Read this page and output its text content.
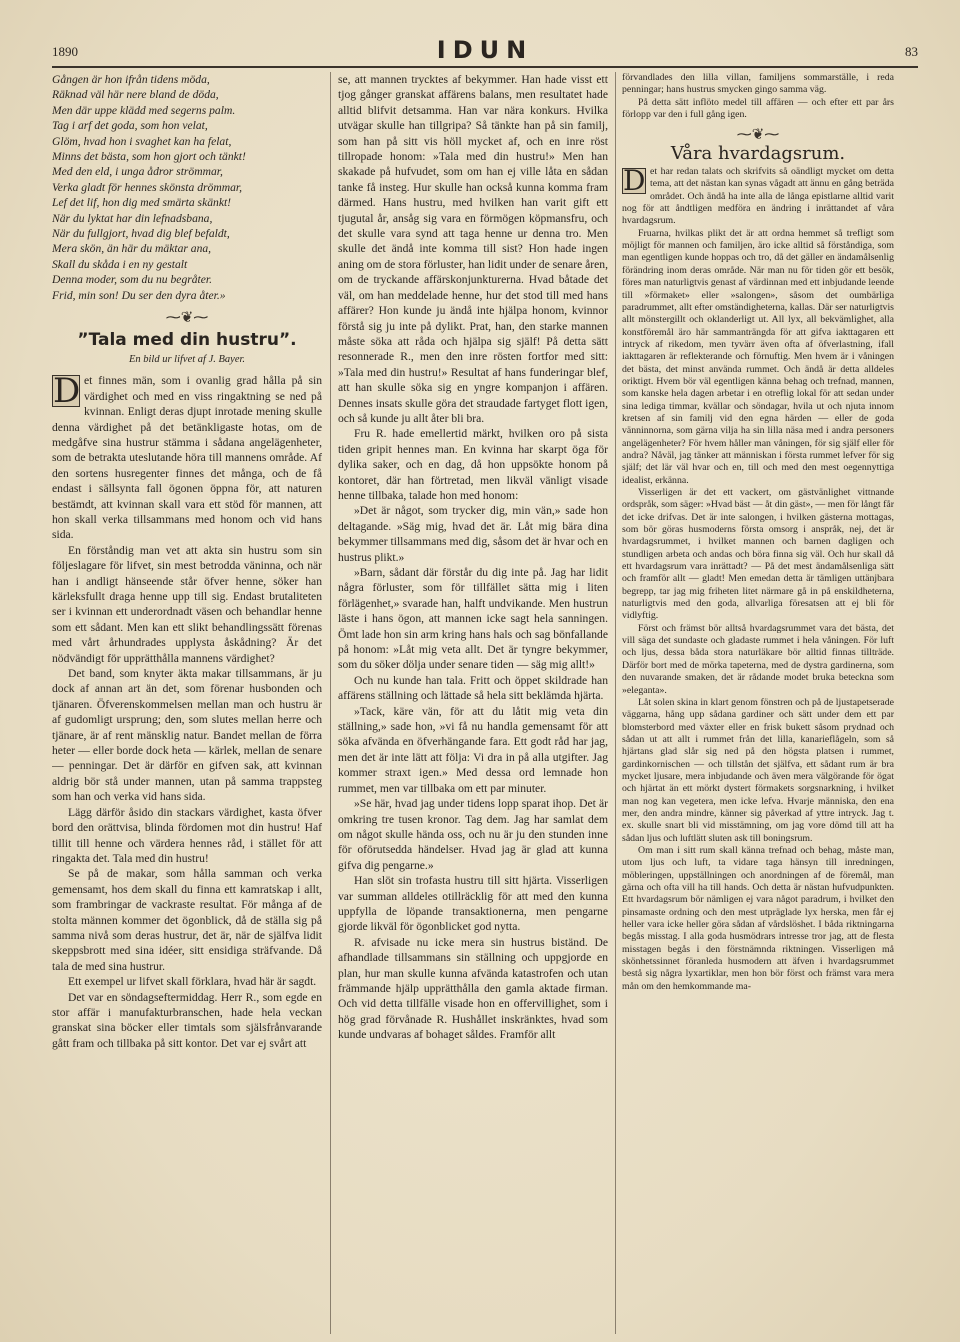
1890	IDUN	83
Gången är hon ifrån tidens möda,
Räknad väl här nere bland de döda,
Men där uppe klädd med segerns palm.
Tag i arf det goda, som hon velat,
Glöm, hvad hon i svaghet kan ha felat,
Minns det bästa, som hon gjort och tänkt!
Med den eld, i unga ådror strömmar,
Verka gladt för hennes skönsta drömmar,
Lef det lif, hon dig med smärta skänkt!
När du lyktat har din lefnadsbana,
När du fullgjort, hvad dig blef befaldt,
Mera skön, än här du mäktar ana,
Skall du skåda i en ny gestalt
Denna moder, som du nu begråter.
Frid, min son! Du ser den dyra åter.»
⁓❦⁓
”Tala med din hustru”.
En bild ur lifvet af J. Bayer.
D et finnes män, som i ovanlig grad hålla på sin värdighet och med en viss ringaktning se ned på kvinnan. Enligt deras djupt inrotade mening skulle denna värdighet på det betänkligaste hotas, om de medgåfve sina hustrur stämma i sådana angelägenheter, som de betrakta uteslutande höra till mannens område. Af den sortens husregenter finnes det många, och de få endast i sällsynta fall ögonen öppna för, att naturen bestämdt, att kvinnan skall vara ett stöd för mannen, att hon skall verka tillsammans med honom och vid hans sida.

En förståndig man vet att akta sin hustru som sin följeslagare för lifvet, sin mest betrodda väninna, och när han i andligt hänseende står öfver henne, söker han kärleksfullt draga henne upp till sig. Endast brutaliteten ser i kvinnan ett underordnadt väsen och behandlar henne som ett sådant. Men kan ett slikt behandlingssätt förenas med vårt århundrades upplysta åskådning? Är det nödvändigt för upprätthålla mannens värdighet?

Det band, som knyter äkta makar tillsammans, är ju dock af annan art än det, som förenar husbonden och tjänaren. Öfverenskommelsen mellan man och hustru är af gudomligt ursprung; den, som slutes mellan herre och tjänare, är af rent mänsklig natur. Bandet mellan de förra heter — eller borde dock heta — kärlek, mellan de senare — penningar. Det är därför en gifven sak, att kvinnan aldrig bör stå under mannen, utan på samma trappsteg som han och verka vid hans sida.

Lägg därför åsido din stackars värdighet, kasta öfver bord den orättvisa, blinda fördomen mot din hustru! Haf tillit till henne och värdera hennes råd, i stället för att ringakta det. Tala med din hustru!

Se på de makar, som hålla samman och verka gemensamt, hos dem skall du finna ett kamratskap i allt, som frambringar de vackraste resultat. För många af de stolta männen kommer det ögonblick, då de ställa sig på samma nivå som deras hustrur, det är, när de själfva lidit skeppsbrott med sina idéer, sitt ensidiga sträfvande. Då tala de med sina hustrur.

Ett exempel ur lifvet skall förklara, hvad här är sagdt.

Det var en söndagseftermiddag. Herr R., som egde en stor affär i manufakturbranschen, hade hela veckan granskat sina böcker eller timtals som själsfrånvarande gått fram och tillbaka på sitt kontor. Det var ej svårt att

se, att mannen trycktes af bekymmer. Han hade visst ett tjog gånger granskat affärens balans, men resultatet hade alltid blifvit detsamma. Han var nära konkurs. Hvilka utvägar skulle han tillgripa? Så tänkte han på sin familj, som han på sitt vis höll mycket af, och en inre röst tillropade honom: »Tala med din hustru!» Men han skakade på hufvudet, som om han ej ville låta en sådan tanke få insteg. Hur skulle han också kunna komma fram därmed. Hans hustru, med hvilken han varit gift ett tjugutal år, ansåg sig vara en förmögen köpmansfru, och det skulle vara synd att taga henne ur denna tro. Men skulle det ändå inte komma till sist? Hon hade ingen aning om de stora förluster, han lidit under de senare åren, om de tryckande affärskonjunkturerna. Hvad båtade det väl, om han meddelade henne, hur det stod till med hans affärer? Hon kunde ju ändå inte hjälpa honom, kvinnor förstå sig ju inte på dylikt. Prat, han, den starke mannen måste söka att råda och hjälpa sig själf! På detta sätt resonnerade R., men den inre rösten fortfor med sitt: »Tala med din hustru!» Resultat af hans funderingar blef, att han skulle söka sig en yngre kompanjon i affären. Dennes insats skulle göra det straudade fartyget flott igen, och så kunde ju allt åter bli bra.

Fru R. hade emellertid märkt, hvilken oro på sista tiden gripit hennes man. En kvinna har skarpt öga för dylika saker, och en dag, då hon uppsökte honom på kontoret, där han förtretad, men likväl vänligt visade henne tillbaka, talade hon med honom:

»Det är något, som trycker dig, min vän,» sade hon deltagande. »Säg mig, hvad det är. Låt mig bära dina bekymmer tillsammans med dig, såsom det är hvar och en hustrus plikt.»

»Barn, sådant där förstår du dig inte på. Jag har lidit några förluster, som för tillfället sätta mig i liten förlägenhet,» svarade han, halft undvikande. Men hustrun läste i hans ögon, att mannen icke sagt hela sanningen. Ömt lade hon sin arm kring hans hals och sag bönfallande på honom: »Låt mig veta allt. Det är tyngre bekymmer, som du söker dölja under senare tiden — säg mig allt!»

Och nu kunde han tala. Fritt och öppet skildrade han affärens ställning och lättade så hela sitt beklämda hjärta.

»Tack, käre vän, för att du låtit mig veta din ställning,» sade hon, »vi få nu handla gemensamt för att söka afvända en öfverhängande fara. Ett godt råd har jag, men det är inte lätt att följa: Vi dra in på alla utgifter. Jag kommer straxt igen.» Med dessa ord lemnade hon rummet, men var tillbaka om ett par minuter.

»Se här, hvad jag under tidens lopp sparat ihop. Det är omkring tre tusen kronor. Tag dem. Jag har samlat dem om något skulle hända oss, och nu är ju den stunden inne för oförutsedda händelser. Hvad jag är glad att kunna gifva dig pengarne.»

Han slöt sin trofasta hustru till sitt hjärta. Visserligen var summan alldeles otillräcklig för att med den kunna uppfylla de löpande transaktionerna, men pengarne gjorde likväl för ögonblicket god nytta.

R. afvisade nu icke mera sin hustrus biständ. De afhandlade tillsammans sin ställning och uppgjorde en plan, hur man skulle kunna afvända katastrofen och utan främmande hjälp upprätthålla den gamla aktade firman. Och vid detta tillfälle visade hon en offervillighet, som i hög grad förvånade R. Hushållet inskränktes, hvad som kunde undvaras af bohaget såldes. Framför allt

förvandlades den lilla villan, familjens sommarställe, i reda penningar; hans hustrus smycken gingo samma väg.

På detta sätt inflöto medel till affären — och efter ett par års förlopp var den i full gång igen.

⁓❦⁓
Våra hvardagsrum.
D et har redan talats och skrifvits så oändligt mycket om detta tema, att det nästan kan synas vågadt att ännu en gång beträda området. Och ändå ha inte alla de långa epistlarne alltid varit nog för att åndtligen medföra en ändring i inrättandet af våra hvardagsrum.

Fruarna, hvilkas plikt det är att ordna hemmet så trefligt som möjligt för mannen och familjen, äro icke alltid så förståndiga, som man egentligen kunde hoppas och tro, då det gäller en ändamålsenlig förändring inom deras område. När man nu för tiden gör ett besök, föres man naturligtvis genast af värdinnan med ett inbjudande leende till »förmaket» eller »salongen», såsom det oumbärliga paradrummet, allt efter omständigheterna, kallas. Där ser naturligtvis allt mönstergillt och oklanderligt ut. All lyx, all bekvämlighet, alla konstföremål äro här sammanträngda för att gifva iakttagaren ett intryck af rikedom, men tyvärr även ofta af öfverlastning, ifall iakttagaren är reflekterande och förnuftig. Men hvem är i våningen det bästa, det minst använda rummet. Och ändå är detta alldeles oriktigt. Hvem bör väl egentligen känna behag och trefnad, mannen, som kanske hela dagen arbetar i en otreflig lokal för att sedan under sina lediga timmar, kvällar och söndagar, hvila ut och njuta innom kretsen af sin familj vid den egna härden — eller de goda vänninnorna, som gärna vilja ha sin lilla näsa med i andra personers angelägenheter? För hvem håller man våningen, för sig själf eller för andra? Nåväl, jag tänker att människan i första rummet lefver för sig själf; det lär väl hvar och en, till och med den mest oegennyttiga idealist, erkänna.

Visserligen är det ett vackert, om gästvänlighet vittnande ordspråk, som säger: »Hvad bäst — åt din gäst», — men för långt får det icke drifvas. Det är inte salongen, i hvilken gästerna mottagas, som bör göras husmoderns första omsorg i anspråk, nej, det är hvardagsrummet, i hvilket mannen och barnen dagligen och stundligen arbeta och andas och böra finna sig väl. Och hur skall då ett hvardagsrum vara inrättadt? — På det mest ändamålsenliga sätt och framför allt — gladt! Men emedan detta är tämligen uttänjbara begrepp, tar jag mig friheten litet närmare gå in på enskildheterna, naturligtvis med den goda, allvarliga föresatsen att ej bli för vidlyftig.

Först och främst bör alltså hvardagsrummet vara det bästa, det vill säga det sundaste och gladaste rummet i hela våningen. För luft och ljus, dessa båda stora naturläkare bör alltid finnas tillträde. Därför bort med de mörka tapeterna, med de dystra gardinerna, som den nuvarande smaken, det är rådande modet bruka beteckna som »eleganta».

Låt solen skina in klart genom fönstren och på de ljustapetserade väggarna, hång upp sådana gardiner och sätt under dem ett par blomsterbord med växter eller en frisk bukett såsom prydnad och sådan ut att allt i rummet från det lilla, kanarieflågeln, som så hjärtans glad slår sig ned på den högsta platsen i rummet, gardinkornischen — och tillstån det själfva, ett sådant rum är bra mycket ljusare, mera inbjudande och även mera välgörande för ögat och hjärtat än ett mörkt dystert förmakets sorgsnarkning, i hvilket man nog kan vegetera, men icke lefva. Hvarje människa, den ena mer, den andra mindre, känner sig påverkad af yttre intryck. Jag t. ex. skulle snart bli vid misstämning, om jag vore dömd till att ha sådan ljus och luftlätt sluten ask till boningsrum.

Om man i sitt rum skall känna trefnad och behag, måste man, utom ljus och luft, ta vidare taga hänsyn till inredningen, möbleringen, uppställningen och anordningen af de föremål, man gärna och ofta vill ha till hands. Och detta är nästan hufvudpunkten. Ett hvardagsrum bör nämligen ej vara något paradrum, i hvilket den pinsamaste ordning och den mest utpräglade lyx herska, men får ej heller vara icke heller göra sådan af vårdslöshet. I båda riktningarna begås misstag. I alla goda husmödrars intresse tror jag, att de flesta misstagen begås i den förstnämnda riktningen. Visserligen må skönhetssinnet föranleda husmodern att äfven i hvardagsrummet bestå sig några lyxartiklar, men hon bör först och främst vara mera mån om den hemkommande ma-
